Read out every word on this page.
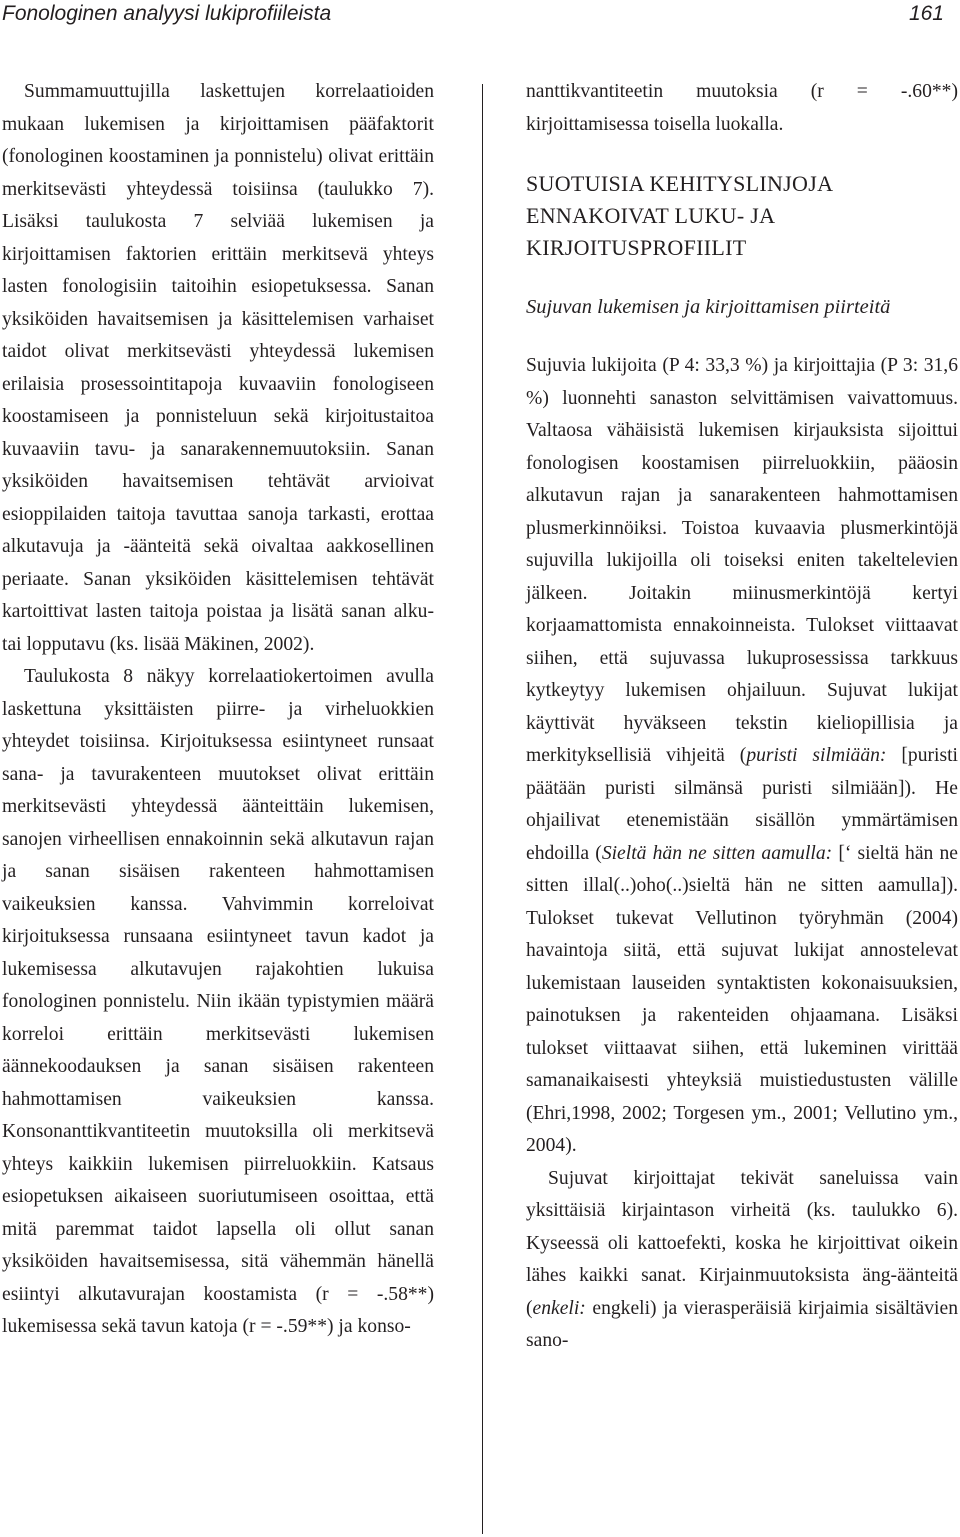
Fonologinen analyysi lukiprofiileista	161

Summamuuttujilla laskettujen korrelaatioiden mukaan lukemisen ja kirjoittamisen pääfaktorit (fonologinen koostaminen ja ponnistelu) olivat erittäin merkitsevästi yhteydessä toisiinsa (taulukko 7). Lisäksi taulukosta 7 selviää lukemisen ja kirjoittamisen faktorien erittäin merkitsevä yhteys lasten fonologisiin taitoihin esiopetuksessa. Sanan yksiköiden havaitsemisen ja käsittelemisen varhaiset taidot olivat merkitsevästi yhteydessä lukemisen erilaisia prosessointitapoja kuvaaviin fonologiseen koostamiseen ja ponnisteluun sekä kirjoitustaitoa kuvaaviin tavu- ja sanarakennemuutoksiin. Sanan yksiköiden havaitsemisen tehtävät arvioivat esioppilaiden taitoja tavuttaa sanoja tarkasti, erottaa alkutavuja ja -äänteitä sekä oivaltaa aakkosellinen periaate. Sanan yksiköiden käsittelemisen tehtävät kartoittivat lasten taitoja poistaa ja lisätä sanan alku- tai lopputavu (ks. lisää Mäkinen, 2002).

Taulukosta 8 näkyy korrelaatiokertoimen avulla laskettuna yksittäisten piirre- ja virheluokkien yhteydet toisiinsa. Kirjoituksessa esiintyneet runsaat sana- ja tavurakenteen muutokset olivat erittäin merkitsevästi yhteydessä äänteittäin lukemisen, sanojen virheellisen ennakoinnin sekä alkutavun rajan ja sanan sisäisen rakenteen hahmottamisen vaikeuksien kanssa. Vahvimmin korreloivat kirjoituksessa runsaana esiintyneet tavun kadot ja lukemisessa alkutavujen rajakohtien lukuisa fonologinen ponnistelu. Niin ikään typistymien määrä korreloi erittäin merkitsevästi lukemisen äännekoodauksen ja sanan sisäisen rakenteen hahmottamisen vaikeuksien kanssa. Konsonanttikvantiteetin muutoksilla oli merkitsevä yhteys kaikkiin lukemisen piirreluokkiin. Katsaus esiopetuksen aikaiseen suoriutumiseen osoittaa, että mitä paremmat taidot lapsella oli ollut sanan yksiköiden havaitsemisessa, sitä vähemmän hänellä esiintyi alkutavurajan koostamista (r = -.58**) lukemisessa sekä tavun katoja (r = -.59**) ja konso-

nanttikvantiteetin muutoksia (r = -.60**) kirjoittamisessa toisella luokalla.

SUOTUISIA KEHITYSLINJOJA
ENNAKOIVAT LUKU- JA
KIRJOITUSPROFIILIT
Sujuvan lukemisen ja kirjoittamisen piirteitä

Sujuvia lukijoita (P 4: 33,3 %) ja kirjoittajia (P 3: 31,6 %) luonnehti sanaston selvittämisen vaivattomuus. Valtaosa vähäisistä lukemisen kirjauksista sijoittui fonologisen koostamisen piirreluokkiin, pääosin alkutavun rajan ja sanarakenteen hahmottamisen plusmerkinnöiksi. Toistoa kuvaavia plusmerkintöjä sujuvilla lukijoilla oli toiseksi eniten takeltelevien jälkeen. Joitakin miinusmerkintöjä kertyi korjaamattomista ennakoinneista. Tulokset viittaavat siihen, että sujuvassa lukuprosessissa tarkkuus kytkeytyy lukemisen ohjailuun. Sujuvat lukijat käyttivät hyväkseen tekstin kieliopillisia ja merkityksellisiä vihjeitä (puristi silmiään: [puristi päätään puristi silmänsä puristi silmiään]). He ohjailivat etenemistään sisällön ymmärtämisen ehdoilla (Sieltä hän ne sitten aamulla: [‘ sieltä hän ne sitten illal(..)oho(..)sieltä hän ne sitten aamulla]). Tulokset tukevat Vellutinon työryhmän (2004) havaintoja siitä, että sujuvat lukijat annostelevat lukemistaan lauseiden syntaktisten kokonaisuuksien, painotuksen ja rakenteiden ohjaamana. Lisäksi tulokset viittaavat siihen, että lukeminen virittää samanaikaisesti yhteyksiä muistiedustusten välille (Ehri,1998, 2002; Torgesen ym., 2001; Vellutino ym., 2004).

Sujuvat kirjoittajat tekivät saneluissa vain yksittäisiä kirjaintason virheitä (ks. taulukko 6). Kyseessä oli kattoefekti, koska he kirjoittivat oikein lähes kaikki sanat. Kirjainmuutoksista äng-äänteitä (enkeli: engkeli) ja vierasperäisiä kirjaimia sisältävien sano-
